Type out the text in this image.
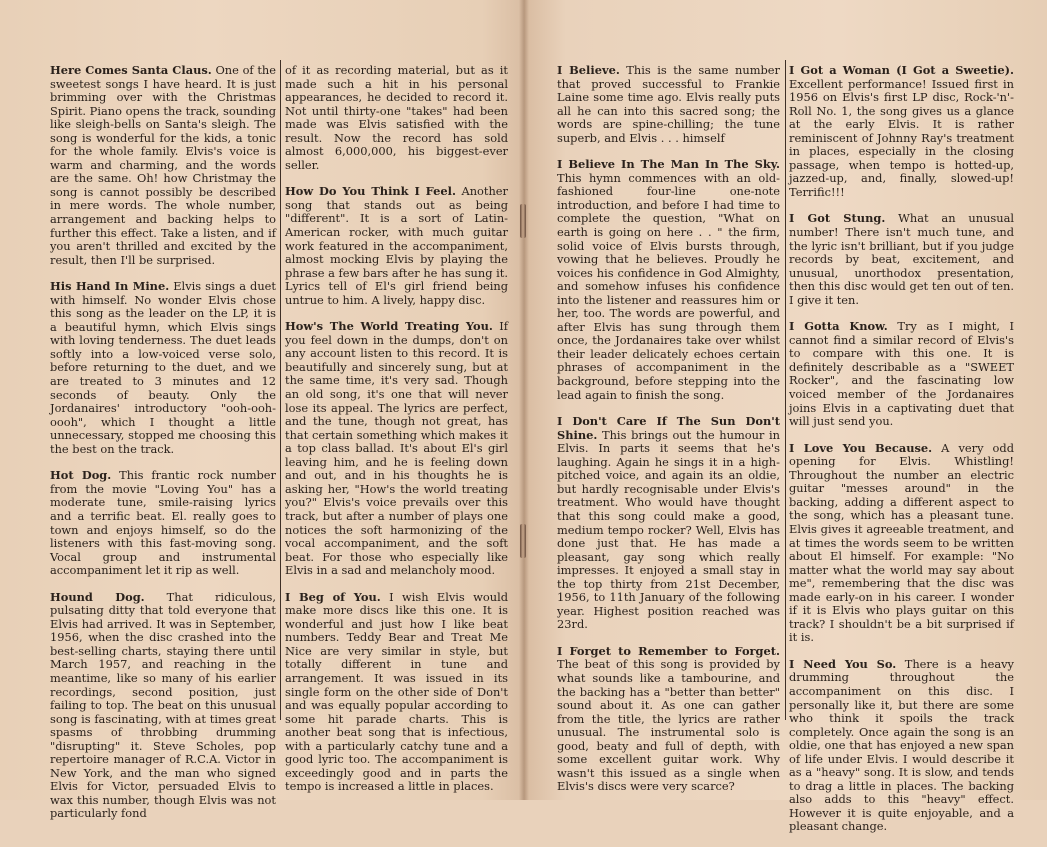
Here Comes Santa Claus. One of the sweetest songs I have heard. It is just brimming over with the Christmas Spirit. Piano opens the track, sounding like sleigh-bells on Santa's sleigh. The song is wonderful for the kids, a tonic for the whole family. Elvis's voice is warm and charming, and the words are the same. Oh! how Christmay the song is cannot possibly be described in mere words. The whole number, arrangement and backing helps to further this effect. Take a listen, and if you aren't thrilled and excited by the result, then I'll be surprised.
His Hand In Mine. Elvis sings a duet with himself. No wonder Elvis chose this song as the leader on the LP, it is a beautiful hymn, which Elvis sings with loving tenderness. The duet leads softly into a low-voiced verse solo, before returning to the duet, and we are treated to 3 minutes and 12 seconds of beauty. Only the Jordanaires' introductory "ooh-ooh-oooh", which I thought a little unnecessary, stopped me choosing this the best on the track.
Hot Dog. This frantic rock number from the movie "Loving You" has a moderate tune, smile-raising lyrics and a terrific beat. El. really goes to town and enjoys himself, so do the listeners with this fast-moving song. Vocal group and instrumental accompaniment let it rip as well.
Hound Dog. That ridiculous, pulsating ditty that told everyone that Elvis had arrived. It was in September, 1956, when the disc crashed into the best-selling charts, staying there until March 1957, and reaching in the meantime, like so many of his earlier recordings, second position, just failing to top. The beat on this unusual song is fascinating, with at times great spasms of throbbing drumming "disrupting" it. Steve Scholes, pop repertoire manager of R.C.A. Victor in New York, and the man who signed Elvis for Victor, persuaded Elvis to wax this number, though Elvis was not particularly fond
of it as recording material, but as it made such a hit in his personal appearances, he decided to record it. Not until thirty-one "takes" had been made was Elvis satisfied with the result. Now the record has sold almost 6,000,000, his biggest-ever seller.
How Do You Think I Feel. Another song that stands out as being "different". It is a sort of Latin-American rocker, with much guitar work featured in the accompaniment, almost mocking Elvis by playing the phrase a few bars after he has sung it. Lyrics tell of El's girl friend being untrue to him. A lively, happy disc.
How's The World Treating You. If you feel down in the dumps, don't on any account listen to this record. It is beautifully and sincerely sung, but at the same time, it's very sad. Though an old song, it's one that will never lose its appeal. The lyrics are perfect, and the tune, though not great, has that certain something which makes it a top class ballad. It's about El's girl leaving him, and he is feeling down and out, and in his thoughts he is asking her, "How's the world treating you?" Elvis's voice prevails over this track, but after a number of plays one notices the soft harmonizing of the vocal accompaniment, and the soft beat. For those who especially like Elvis in a sad and melancholy mood.
I Beg of You. I wish Elvis would make more discs like this one. It is wonderful and just how I like beat numbers. Teddy Bear and Treat Me Nice are very similar in style, but totally different in tune and arrangement. It was issued in its single form on the other side of Don't and was equally popular according to some hit parade charts. This is another beat song that is infectious, with a particularly catchy tune and a good lyric too. The accompaniment is exceedingly good and in parts the tempo is increased a little in places.
I Believe. This is the same number that proved successful to Frankie Laine some time ago. Elvis really puts all he can into this sacred song; the words are spine-chilling; the tune superb, and Elvis . . . himself
I Believe In The Man In The Sky. This hymn commences with an old-fashioned four-line one-note introduction, and before I had time to complete the question, "What on earth is going on here . . " the firm, solid voice of Elvis bursts through, vowing that he believes. Proudly he voices his confidence in God Almighty, and somehow infuses his confidence into the listener and reassures him or her, too. The words are powerful, and after Elvis has sung through them once, the Jordanaires take over whilst their leader delicately echoes certain phrases of accompaniment in the background, before stepping into the lead again to finish the song.
I Don't Care If The Sun Don't Shine. This brings out the humour in Elvis. In parts it seems that he's laughing. Again he sings it in a high-pitched voice, and again its an oldie, but hardly recognisable under Elvis's treatment. Who would have thought that this song could make a good, medium tempo rocker? Well, Elvis has done just that. He has made a pleasant, gay song which really impresses. It enjoyed a small stay in the top thirty from 21st December, 1956, to 11th January of the following year. Highest position reached was 23rd.
I Forget to Remember to Forget. The beat of this song is provided by what sounds like a tambourine, and the backing has a "better than better" sound about it. As one can gather from the title, the lyrics are rather unusual. The instrumental solo is good, beaty and full of depth, with some excellent guitar work. Why wasn't this issued as a single when Elvis's discs were very scarce?
I Got a Woman (I Got a Sweetie). Excellent performance! Issued first in 1956 on Elvis's first LP disc, Rock-'n'-Roll No. 1, the song gives us a glance at the early Elvis. It is rather reminiscent of Johnny Ray's treatment in places, especially in the closing passage, when tempo is hotted-up, jazzed-up, and, finally, slowed-up! Terrific!!!
I Got Stung. What an unusual number! There isn't much tune, and the lyric isn't brilliant, but if you judge records by beat, excitement, and unusual, unorthodox presentation, then this disc would get ten out of ten. I give it ten.
I Gotta Know. Try as I might, I cannot find a similar record of Elvis's to compare with this one. It is definitely describable as a "SWEET Rocker", and the fascinating low voiced member of the Jordanaires joins Elvis in a captivating duet that will just send you.
I Love You Because. A very odd opening for Elvis. Whistling! Throughout the number an electric guitar "messes around" in the backing, adding a different aspect to the song, which has a pleasant tune. Elvis gives it agreeable treatment, and at times the words seem to be written about El himself. For example: "No matter what the world may say about me", remembering that the disc was made early-on in his career. I wonder if it is Elvis who plays guitar on this track? I shouldn't be a bit surprised if it is.
I Need You So. There is a heavy drumming throughout the accompaniment on this disc. I personally like it, but there are some who think it spoils the track completely. Once again the song is an oldie, one that has enjoyed a new span of life under Elvis. I would describe it as a "heavy" song. It is slow, and tends to drag a little in places. The backing also adds to this "heavy" effect. However it is quite enjoyable, and a pleasant change.
